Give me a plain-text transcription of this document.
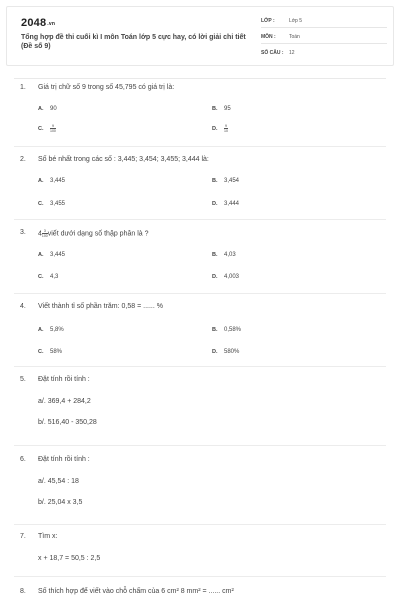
2048.vn
Tổng hợp đề thi cuối kì I môn Toán lớp 5 cực hay, có lời giải chi tiết (Đề số 9)
LỚP :	Lớp 5
MÔN :	Toán
SỐ CÂU : 12
1. Giá trị chữ số 9 trong số 45,795 có giá trị là:
A. 90	B. 95
C. $\frac{9}{100}$	D. $\frac{9}{10}$
2. Số bé nhất trong các số : 3,445; 3,454; 3,455; 3,444 là:
A. 3,445	B. 3,454
C. 3,455	D. 3,444
3. $4\frac{3}{100}$ viết dưới dạng số thập phân là ?
A. 3,445	B. 4,03
C. 4,3	D. 4,003
4. Viết thành tỉ số phần trăm: 0,58 = ...... %
A. 5,8%	B. 0,58%
C. 58%	D. 580%
5. Đặt tính rồi tính :
a/. 369,4 + 284,2
b/. 516,40 - 350,28
6. Đặt tính rồi tính :
a/. 45,54 : 18
b/. 25,04 x 3,5
7. Tìm x:
x + 18,7 = 50,5 : 2,5
8. Số thích hợp để viết vào chỗ chấm của 6 cm² 8 mm² = ...... cm²
